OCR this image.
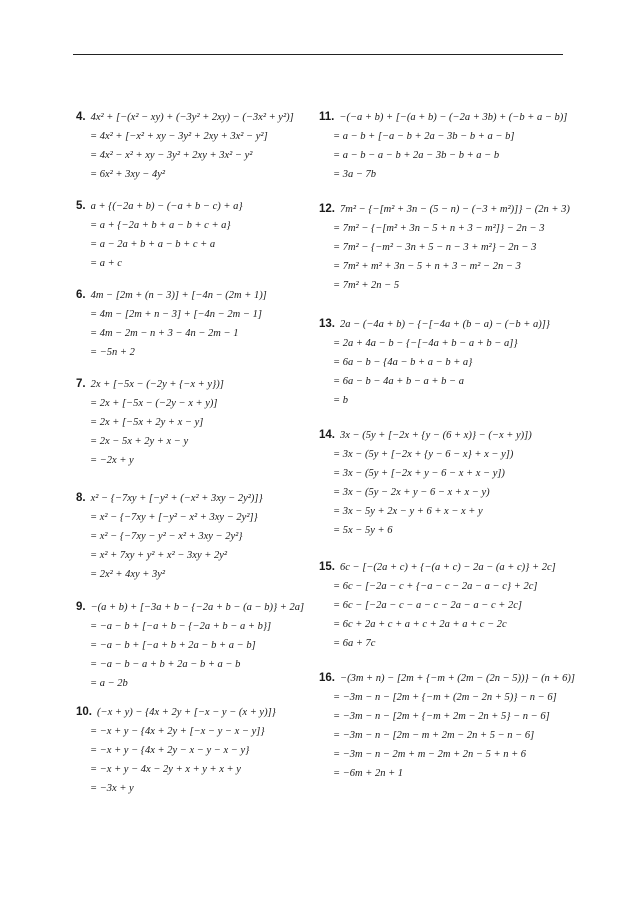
4. 4x² + [−(x² − xy) + (−3y² + 2xy) − (−3x² + y²)]
= 4x² + [−x² + xy − 3y² + 2xy + 3x² − y²]
= 4x² − x² + xy − 3y² + 2xy + 3x² − y²
= 6x² + 3xy − 4y²
5. a + {(−2a + b) − (−a + b − c) + a}
= a + {−2a + b + a − b + c + a}
= a − 2a + b + a − b + c + a
= a + c
6. 4m − [2m + (n − 3)] + [−4n − (2m + 1)]
= 4m − [2m + n − 3] + [−4n − 2m − 1]
= 4m − 2m − n + 3 − 4n − 2m − 1
= −5n + 2
7. 2x + [−5x − (−2y + {−x + y})]
= 2x + [−5x − (−2y − x + y)]
= 2x + [−5x + 2y + x − y]
= 2x − 5x + 2y + x − y
= −2x + y
8. x² − {−7xy + [−y² + (−x² + 3xy − 2y²)]}
= x² − {−7xy + [−y² − x² + 3xy − 2y²]}
= x² − {−7xy − y² − x² + 3xy − 2y²}
= x² + 7xy + y² + x² − 3xy + 2y²
= 2x² + 4xy + 3y²
9. −(a + b) + [−3a + b − {−2a + b − (a − b)} + 2a]
= −a − b + [−a + b − {−2a + b − a + b}]
= −a − b + [−a + b + 2a − b + a − b]
= −a − b − a + b + 2a − b + a − b
= a − 2b
10. (−x + y) − {4x + 2y + [−x − y − (x + y)]}
= −x + y − {4x + 2y + [−x − y − x − y]}
= −x + y − {4x + 2y − x − y − x − y}
= −x + y − 4x − 2y + x + y + x + y
= −3x + y
11. −(−a + b) + [−(a + b) − (−2a + 3b) + (−b + a − b)]
= a − b + [−a − b + 2a − 3b − b + a − b]
= a − b − a − b + 2a − 3b − b + a − b
= 3a − 7b
12. 7m² − {−[m² + 3n − (5 − n) − (−3 + m²)]} − (2n + 3)
= 7m² − {−[m² + 3n − 5 + n + 3 − m²]} − 2n − 3
= 7m² − {−m² − 3n + 5 − n − 3 + m²} − 2n − 3
= 7m² + m² + 3n − 5 + n + 3 − m² − 2n − 3
= 7m² + 2n − 5
13. 2a − (−4a + b) − {−[−4a + (b − a) − (−b + a)]}
= 2a + 4a − b − {−[−4a + b − a + b − a]}
= 6a − b − {4a − b + a − b + a}
= 6a − b − 4a + b − a + b − a
= b
14. 3x − (5y + [−2x + {y − (6 + x)} − (−x + y)])
= 3x − (5y + [−2x + {y − 6 − x} + x − y])
= 3x − (5y + [−2x + y − 6 − x + x − y])
= 3x − (5y − 2x + y − 6 − x + x − y)
= 3x − 5y + 2x − y + 6 + x − x + y
= 5x − 5y + 6
15. 6c − [−(2a + c) + {−(a + c) − 2a − (a + c)} + 2c]
= 6c − [−2a − c + {−a − c − 2a − a − c} + 2c]
= 6c − [−2a − c − a − c − 2a − a − c + 2c]
= 6c + 2a + c + a + c + 2a + a + c − 2c
= 6a + 7c
16. −(3m + n) − [2m + {−m + (2m − (2n − 5))} − (n + 6)]
= −3m − n − [2m + {−m + (2m − 2n + 5)} − n − 6]
= −3m − n − [2m + {−m + 2m − 2n + 5} − n − 6]
= −3m − n − [2m − m + 2m − 2n + 5 − n − 6]
= −3m − n − 2m + m − 2m + 2n − 5 + n + 6
= −6m + 2n + 1
